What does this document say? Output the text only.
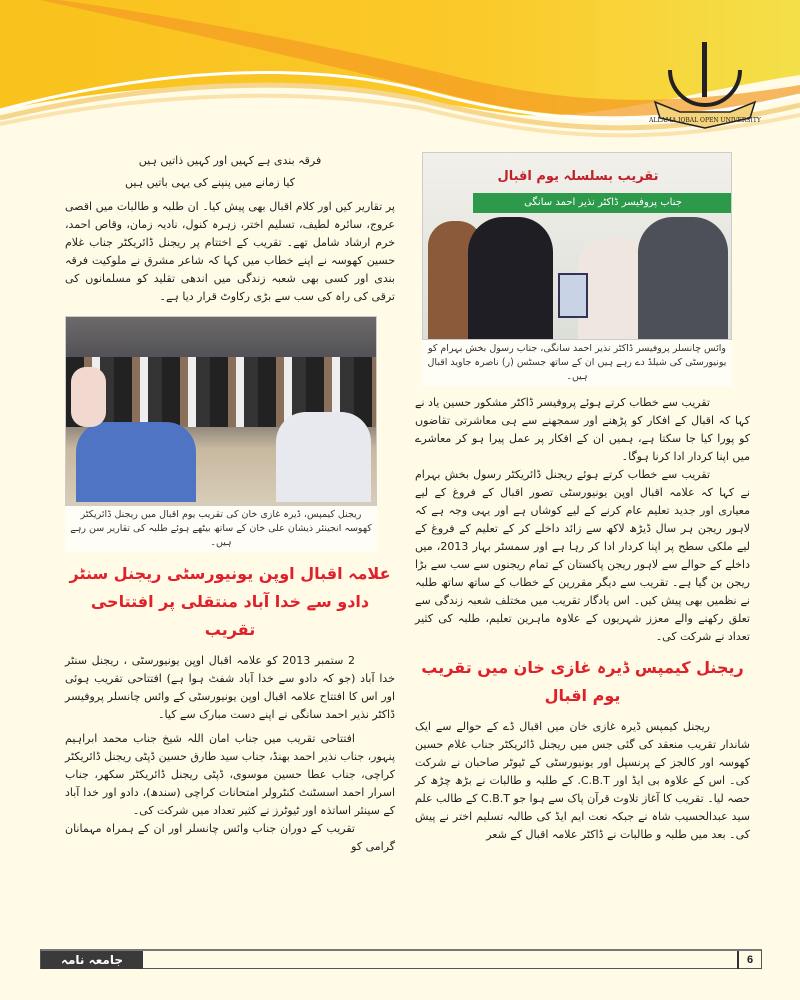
ALLAMA IQBAL OPEN UNIVERSITY
فرقہ بندی ہے کہیں اور کہیں ذاتیں ہیں
کیا زمانے میں پنپنے کی یہی باتیں ہیں

پر تقاریر کیں اور کلام اقبال بھی پیش کیا۔ ان طلبہ و طالبات میں اقصی عروج، سائرہ لطیف، تسلیم اختر، زہرہ کنول، نادیہ زمان، وقاص احمد، خرم ارشاد شامل تھے۔ تقریب کے اختتام پر ریجنل ڈائریکٹر جناب غلام حسین کھوسہ نے اپنے خطاب میں کہا کہ شاعر مشرق نے ملوکیت فرقہ بندی اور کسی بھی شعبہ زندگی میں اندھی تقلید کو مسلمانوں کی ترقی کی راہ کی سب سے بڑی رکاوٹ قرار دیا ہے۔

ریجنل کیمپس، ڈیرہ غازی خان کی تقریب یوم اقبال میں ریجنل ڈائریکٹر کھوسہ انجینئر ذیشان علی خان کے ساتھ بیٹھے ہوئے طلبہ کی تقاریر سن رہے ہیں۔
علامہ اقبال اوپن یونیورسٹی ریجنل سنٹر دادو سے خدا آباد منتقلی پر افتتاحی تقریب

2 ستمبر 2013 کو علامہ اقبال اوپن یونیورسٹی ، ریجنل سنٹر خدا آباد (جو کہ دادو سے خدا آباد شفٹ ہوا ہے) افتتاحی تقریب ہوئی اور اس کا افتتاح علامہ اقبال اوپن یونیورسٹی کے وائس چانسلر پروفیسر ڈاکٹر نذیر احمد سانگی نے اپنے دست مبارک سے کیا۔

افتتاحی تقریب میں جناب امان اللہ شیخ جناب محمد ابراہیم پنہور، جناب نذیر احمد بھنڈ، جناب سید طارق حسین ڈپٹی ریجنل ڈائریکٹر کراچی، جناب عطا حسین موسوی، ڈپٹی ریجنل ڈائریکٹر سکھر، جناب اسرار احمد اسسٹنٹ کنٹرولر امتحانات کراچی (سندھ)، دادو اور خدا آباد کے سینئر اساتذہ اور ٹیوٹرز نے کثیر تعداد میں شرکت کی۔

تقریب کے دوران جناب وائس چانسلر اور ان کے ہمراہ مہمانان گرامی کو

تقریب بسلسلہ یوم اقبال
جناب پروفیسر ڈاکٹر نذیر احمد سانگی
وائس چانسلر پروفیسر ڈاکٹر نذیر احمد سانگی، جناب رسول بخش بہرام کو یونیورسٹی کی شیلڈ دے رہے ہیں ان کے ساتھ جسٹس (ر) ناصرہ جاوید اقبال ہیں۔

تقریب سے خطاب کرتے ہوئے پروفیسر ڈاکٹر مشکور حسین یاد نے کہا کہ اقبال کے افکار کو پڑھنے اور سمجھنے سے ہی معاشرتی تقاضوں کو پورا کیا جا سکتا ہے، ہمیں ان کے افکار پر عمل پیرا ہو کر معاشرے میں اپنا کردار ادا کرنا ہوگا۔

تقریب سے خطاب کرتے ہوئے ریجنل ڈائریکٹر رسول بخش بہرام نے کہا کہ علامہ اقبال اوپن یونیورسٹی تصور اقبال کے فروغ کے لیے معیاری اور جدید تعلیم عام کرنے کے لیے کوشاں ہے اور یہی وجہ ہے کہ لاہور ریجن ہر سال ڈیڑھ لاکھ سے زائد داخلے کر کے تعلیم کے فروغ کے لیے ملکی سطح پر اپنا کردار ادا کر رہا ہے اور سمسٹر بہار 2013، میں داخلے کے حوالے سے لاہور ریجن پاکستان کے تمام ریجنوں سے سب سے بڑا ریجن بن گیا ہے۔ تقریب سے دیگر مقررین کے خطاب کے ساتھ ساتھ طلبہ نے نظمیں بھی پیش کیں۔ اس یادگار تقریب میں مختلف شعبہ زندگی سے تعلق رکھنے والے معزز شہریوں کے علاوہ ماہرین تعلیم، طلبہ کی کثیر تعداد نے شرکت کی۔

ریجنل کیمپس ڈیرہ غازی خان میں تقریب یوم اقبال

ریجنل کیمپس ڈیرہ غازی خان میں اقبال ڈے کے حوالے سے ایک شاندار تقریب منعقد کی گئی جس میں ریجنل ڈائریکٹر جناب غلام حسین کھوسہ اور کالجز کے پرنسپل اور یونیورسٹی کے ٹیوٹر صاحبان نے شرکت کی۔ اس کے علاوہ بی ایڈ اور C.B.T. کے طلبہ و طالبات نے بڑھ چڑھ کر حصہ لیا۔ تقریب کا آغاز تلاوت قرآن پاک سے ہوا جو C.B.T کے طالب علم سید عبدالحسیب شاہ نے جبکہ نعت ایم ایڈ کی طالبہ تسلیم اختر نے پیش کی۔ بعد میں طلبہ و طالبات نے ڈاکٹر علامہ اقبال کے شعر

جامعہ نامہ	6
